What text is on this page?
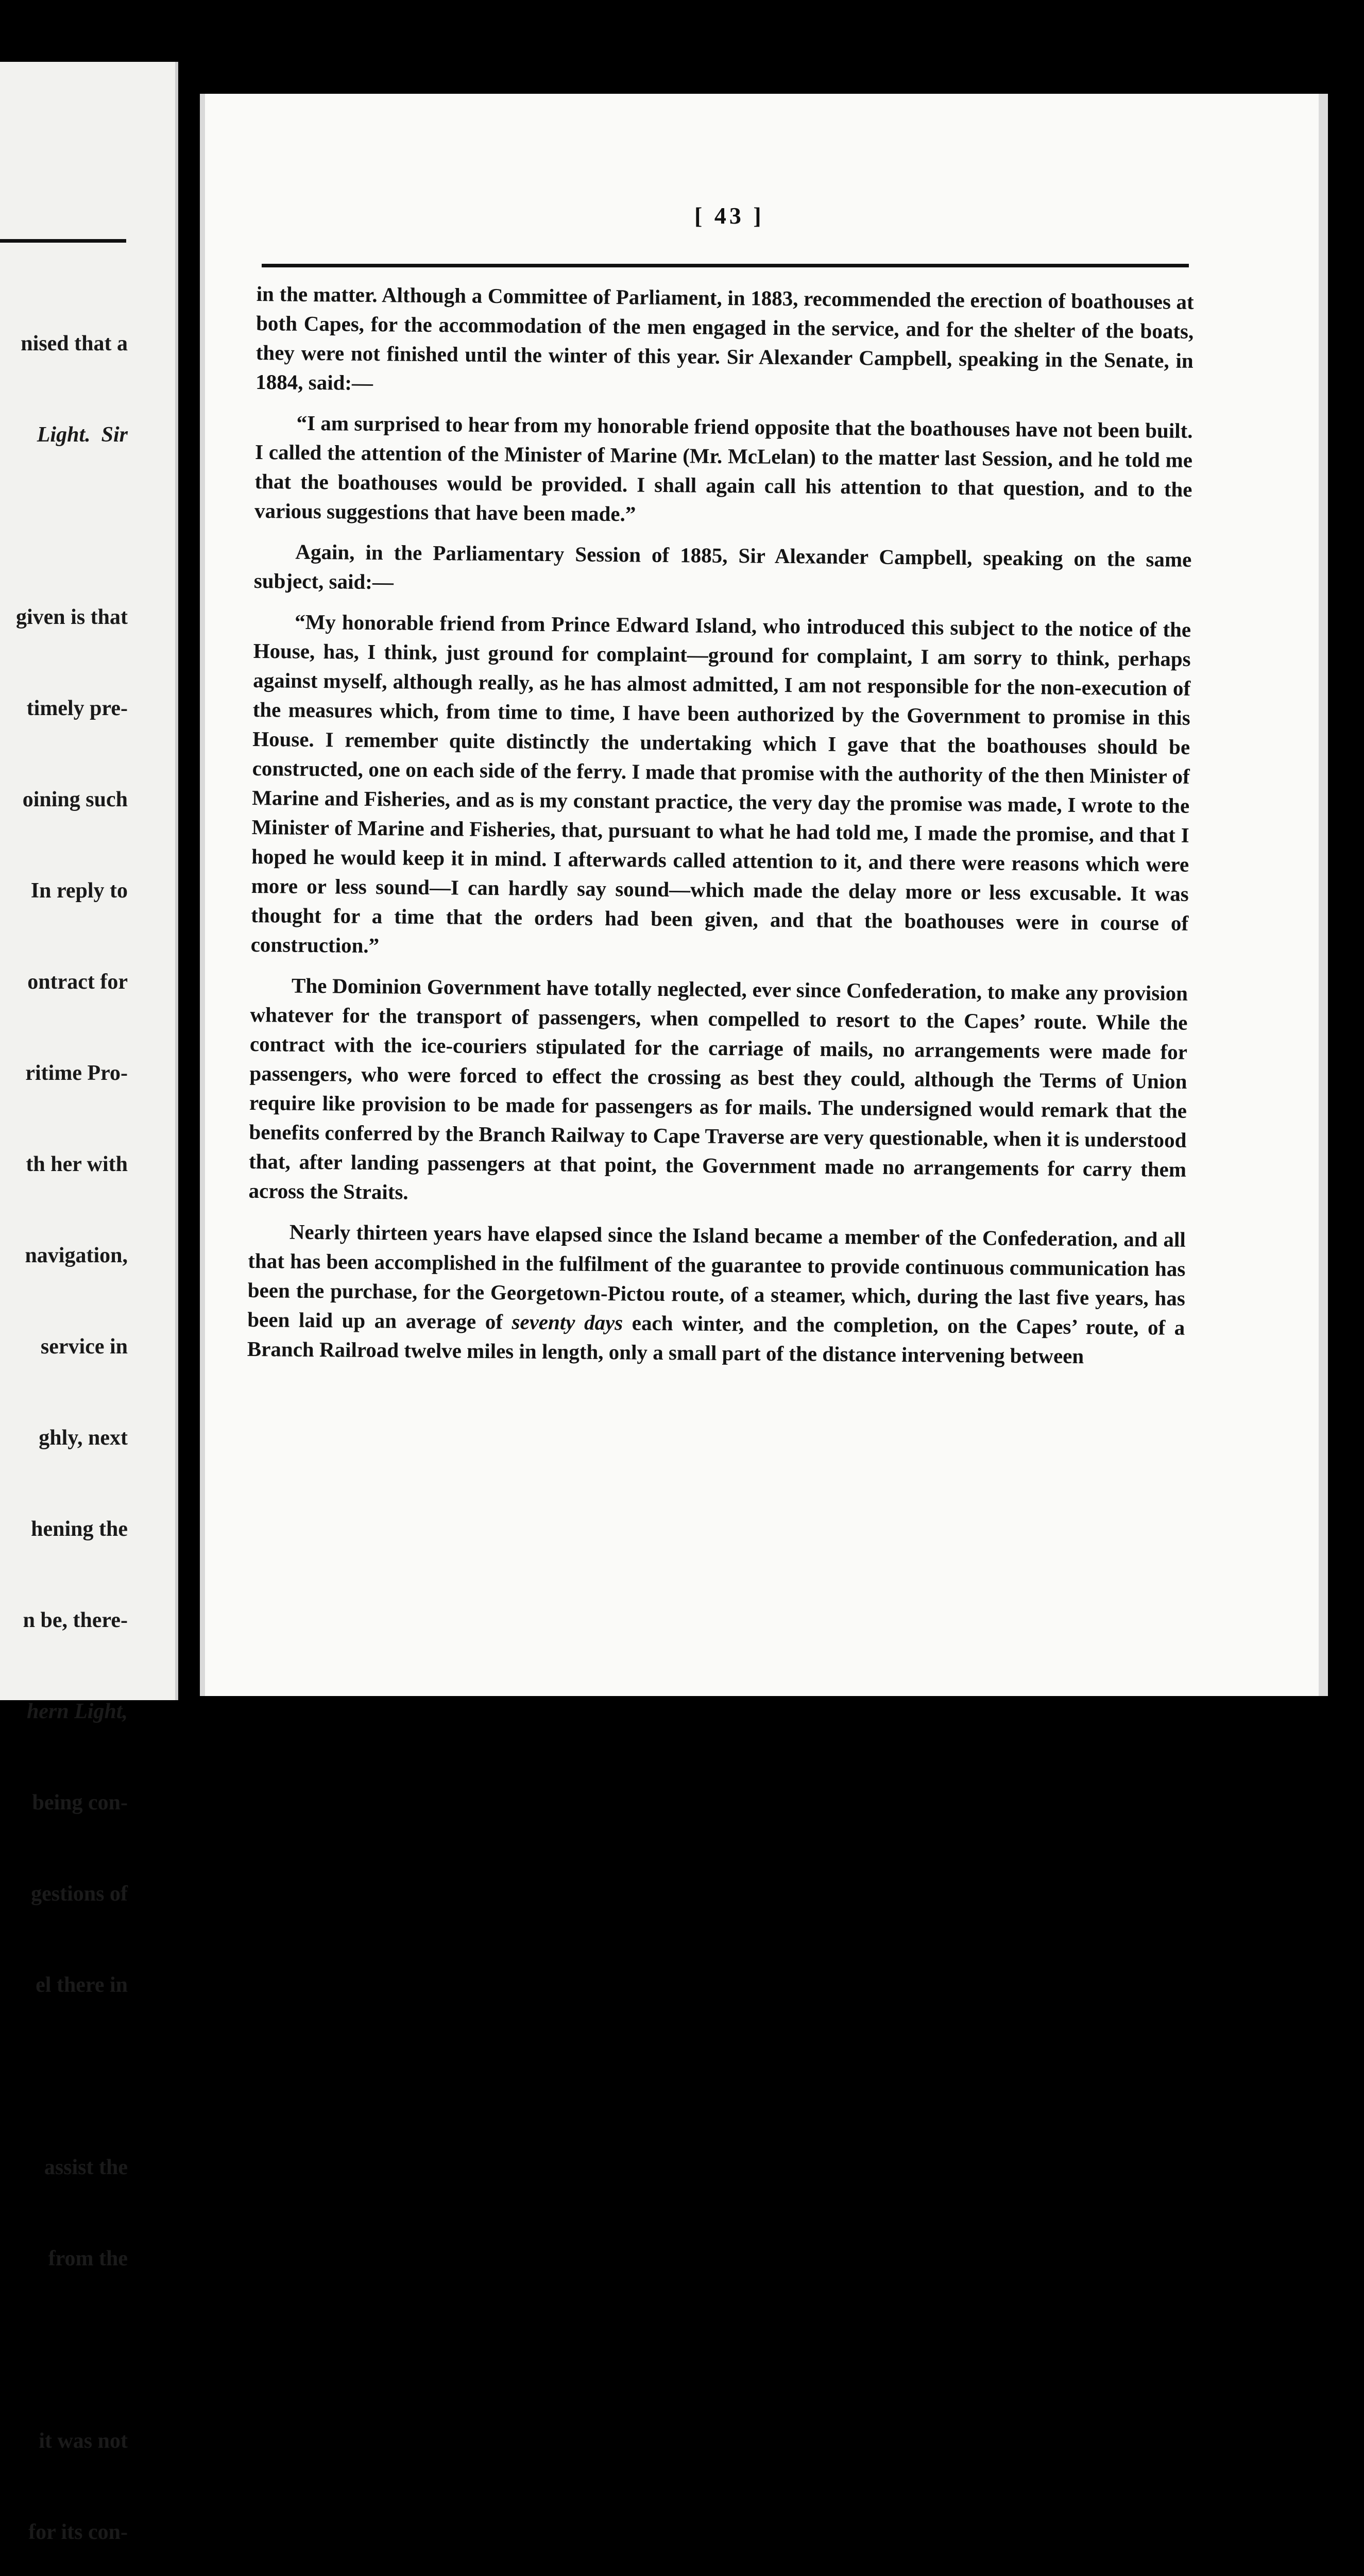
nised that a

Light.  Sir

given is that

timely pre-

oining such

In reply to

ontract for

ritime Pro-

th her with

navigation,

service in

ghly, next

hening the

n be, there-

hern Light,

being con-

gestions of

el there in

assist the

from the

it was not

for its con-

[ 43 ]

in the matter. Although a Committee of Parliament, in 1883, recommended the erection of boathouses at both Capes, for the accommodation of the men engaged in the service, and for the shelter of the boats, they were not finished until the winter of this year. Sir Alexander Campbell, speaking in the Senate, in 1884, said:—

“I am surprised to hear from my honorable friend opposite that the boathouses have not been built. I called the attention of the Minister of Marine (Mr. McLelan) to the matter last Session, and he told me that the boathouses would be provided. I shall again call his attention to that question, and to the various suggestions that have been made.”

Again, in the Parliamentary Session of 1885, Sir Alexander Campbell, speaking on the same subject, said:—

“My honorable friend from Prince Edward Island, who introduced this subject to the notice of the House, has, I think, just ground for complaint—ground for complaint, I am sorry to think, perhaps against myself, although really, as he has almost admitted, I am not responsible for the non-execution of the measures which, from time to time, I have been authorized by the Government to promise in this House. I remember quite distinctly the undertaking which I gave that the boathouses should be constructed, one on each side of the ferry. I made that promise with the authority of the then Minister of Marine and Fisheries, and as is my constant practice, the very day the promise was made, I wrote to the Minister of Marine and Fisheries, that, pursuant to what he had told me, I made the promise, and that I hoped he would keep it in mind. I afterwards called attention to it, and there were reasons which were more or less sound—I can hardly say sound—which made the delay more or less excusable. It was thought for a time that the orders had been given, and that the boathouses were in course of construction.”

The Dominion Government have totally neglected, ever since Confederation, to make any provision whatever for the transport of passengers, when compelled to resort to the Capes’ route. While the contract with the ice-couriers stipulated for the carriage of mails, no arrangements were made for passengers, who were forced to effect the crossing as best they could, although the Terms of Union require like provision to be made for passengers as for mails. The undersigned would remark that the benefits conferred by the Branch Railway to Cape Traverse are very questionable, when it is understood that, after landing passengers at that point, the Government made no arrangements for carry them across the Straits.

Nearly thirteen years have elapsed since the Island became a member of the Confederation, and all that has been accomplished in the fulfilment of the guarantee to provide continuous communication has been the purchase, for the Georgetown-Pictou route, of a steamer, which, during the last five years, has been laid up an average of seventy days each winter, and the completion, on the Capes’ route, of a Branch Railroad twelve miles in length, only a small part of the distance intervening between
